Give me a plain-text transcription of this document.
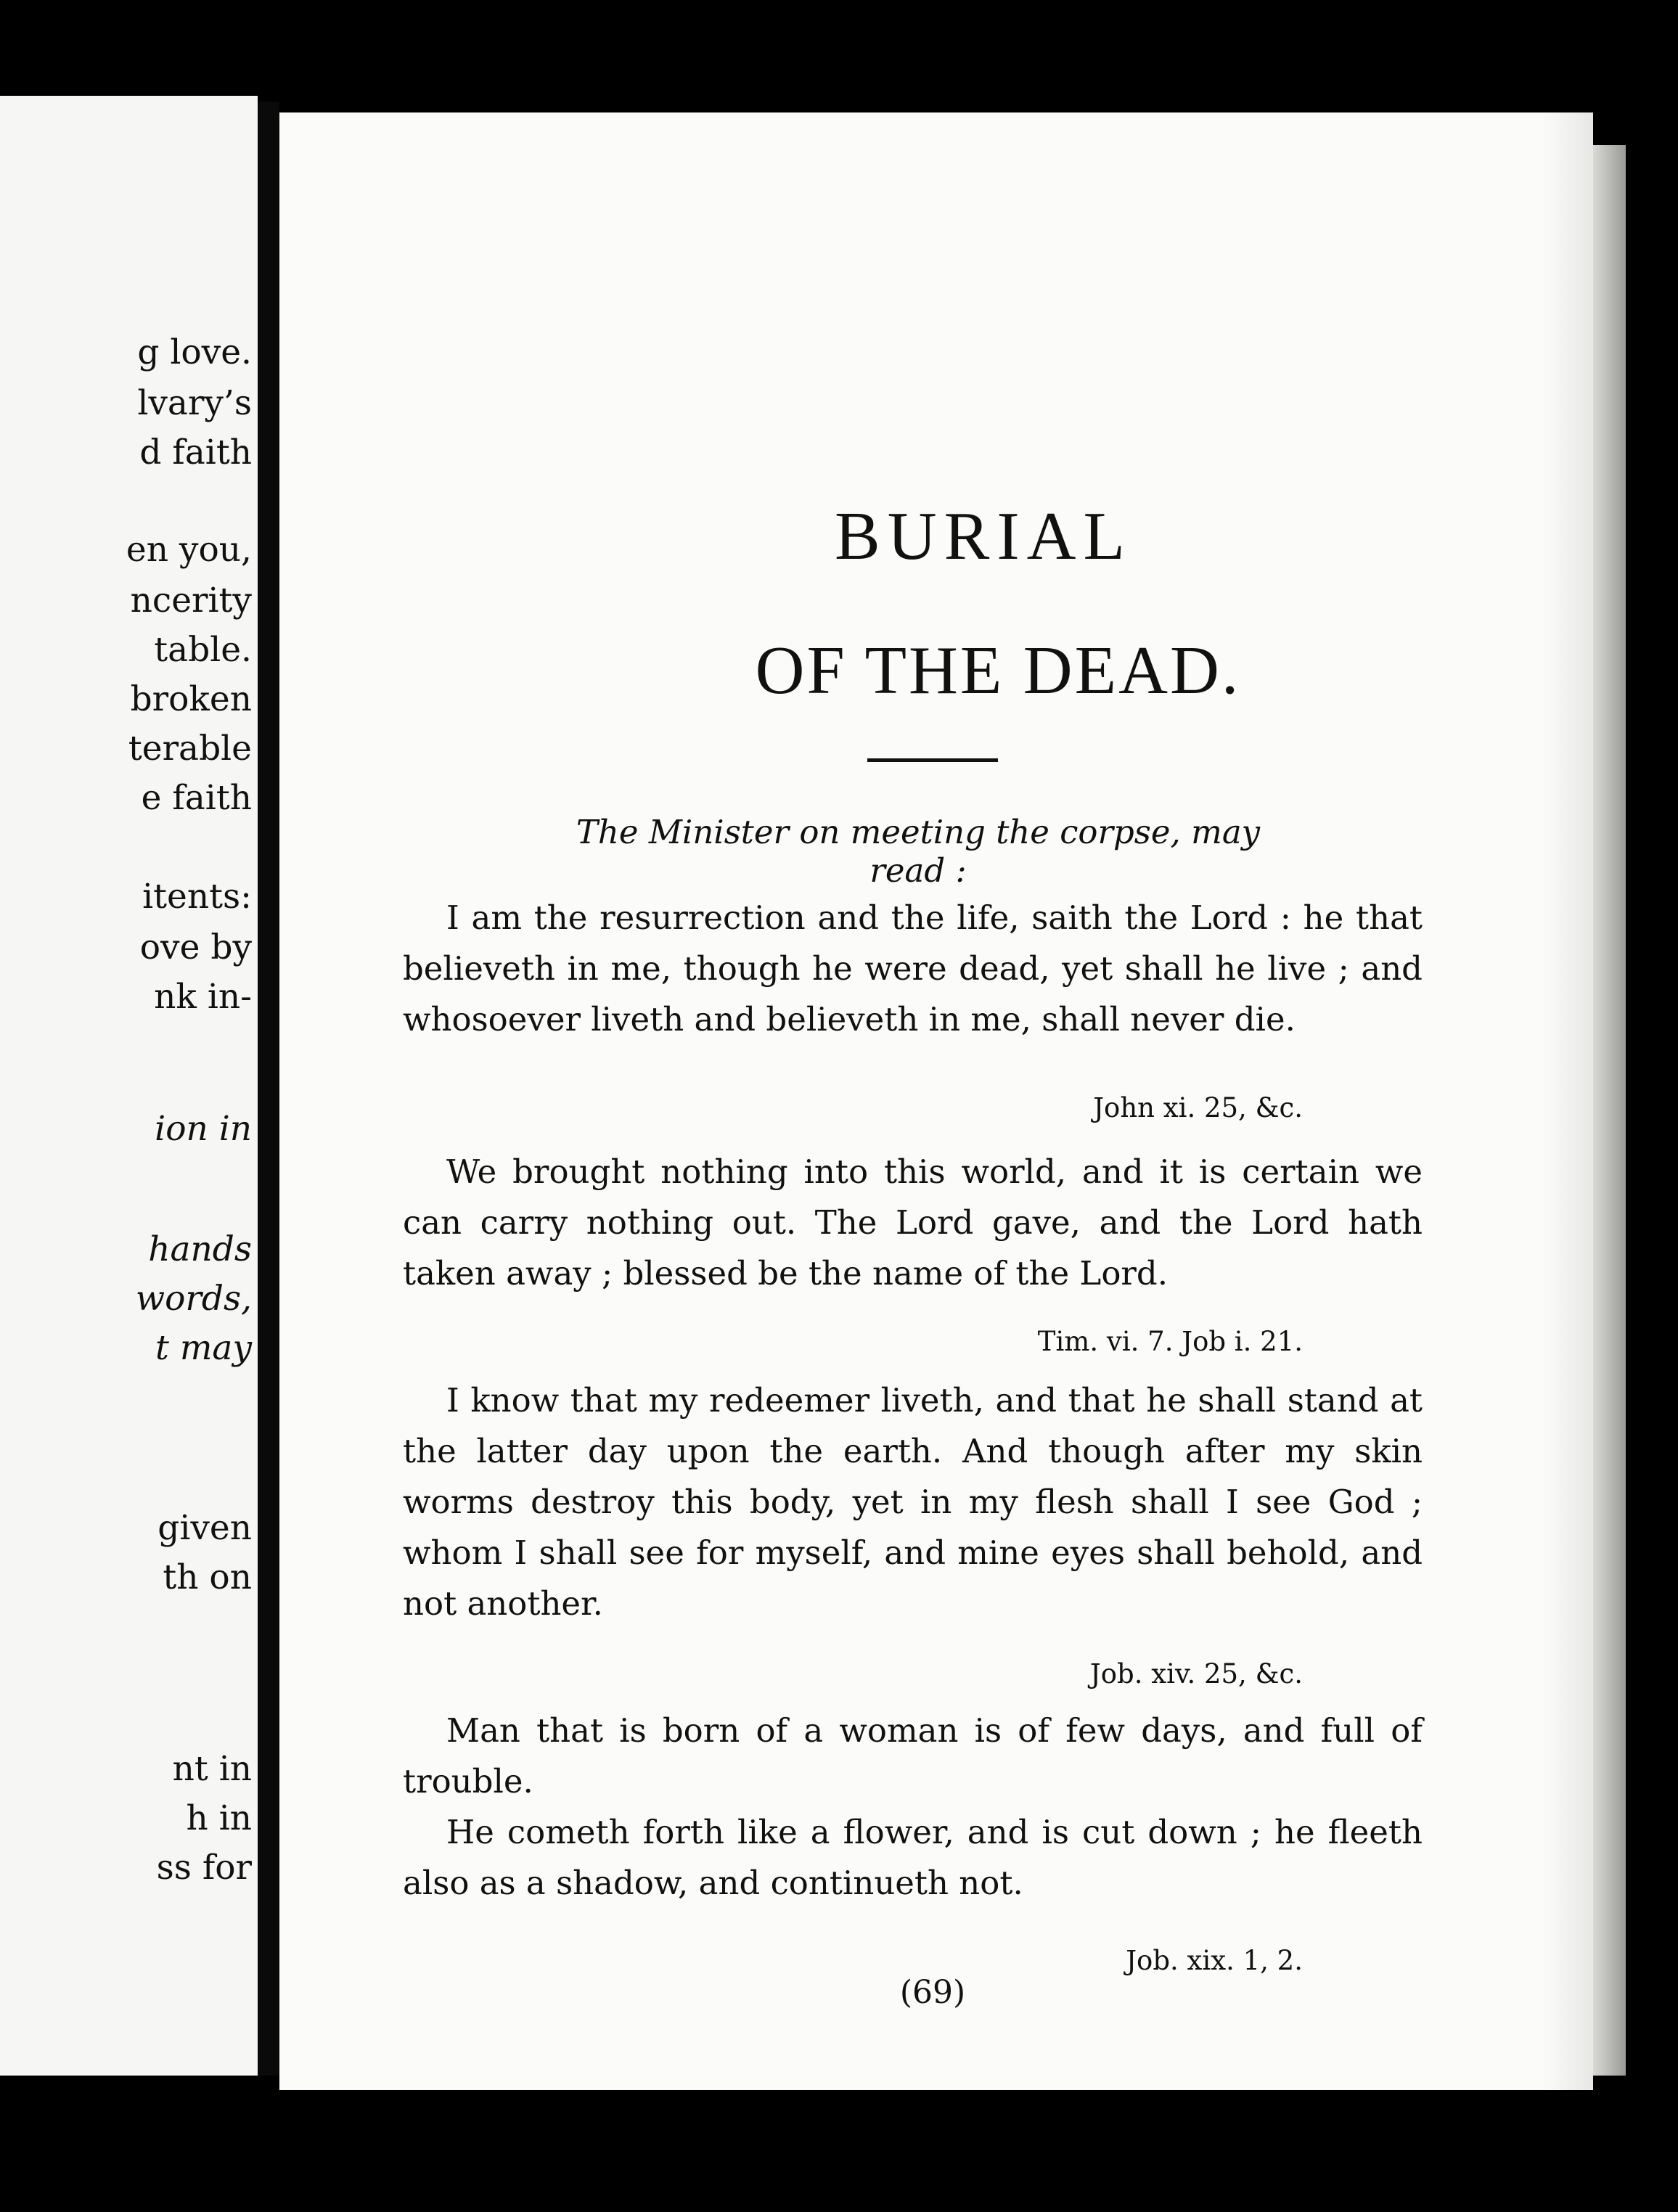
g love.
lvary’s
d faith
en you,
ncerity
table.
broken
terable
e faith
itents:
ove by
nk in-
ion in
hands
words,
t may
given
th on
nt in
h in
ss for
BURIAL
OF THE DEAD.
The Minister on meeting the corpse, may read :
I am the resurrection and the life, saith the Lord : he that believeth in me, though he were dead, yet shall he live ; and whosoever liveth and believeth in me, shall never die.
John xi. 25, &c.
We brought nothing into this world, and it is certain we can carry nothing out. The Lord gave, and the Lord hath taken away ; blessed be the name of the Lord.
Tim. vi. 7. Job i. 21.
I know that my redeemer liveth, and that he shall stand at the latter day upon the earth. And though after my skin worms destroy this body, yet in my flesh shall I see God ; whom I shall see for myself, and mine eyes shall behold, and not another.
Job. xiv. 25, &c.
Man that is born of a woman is of few days, and full of trouble.
He cometh forth like a flower, and is cut down ; he fleeth also as a shadow, and continueth not.
Job. xix. 1, 2.
(69)
